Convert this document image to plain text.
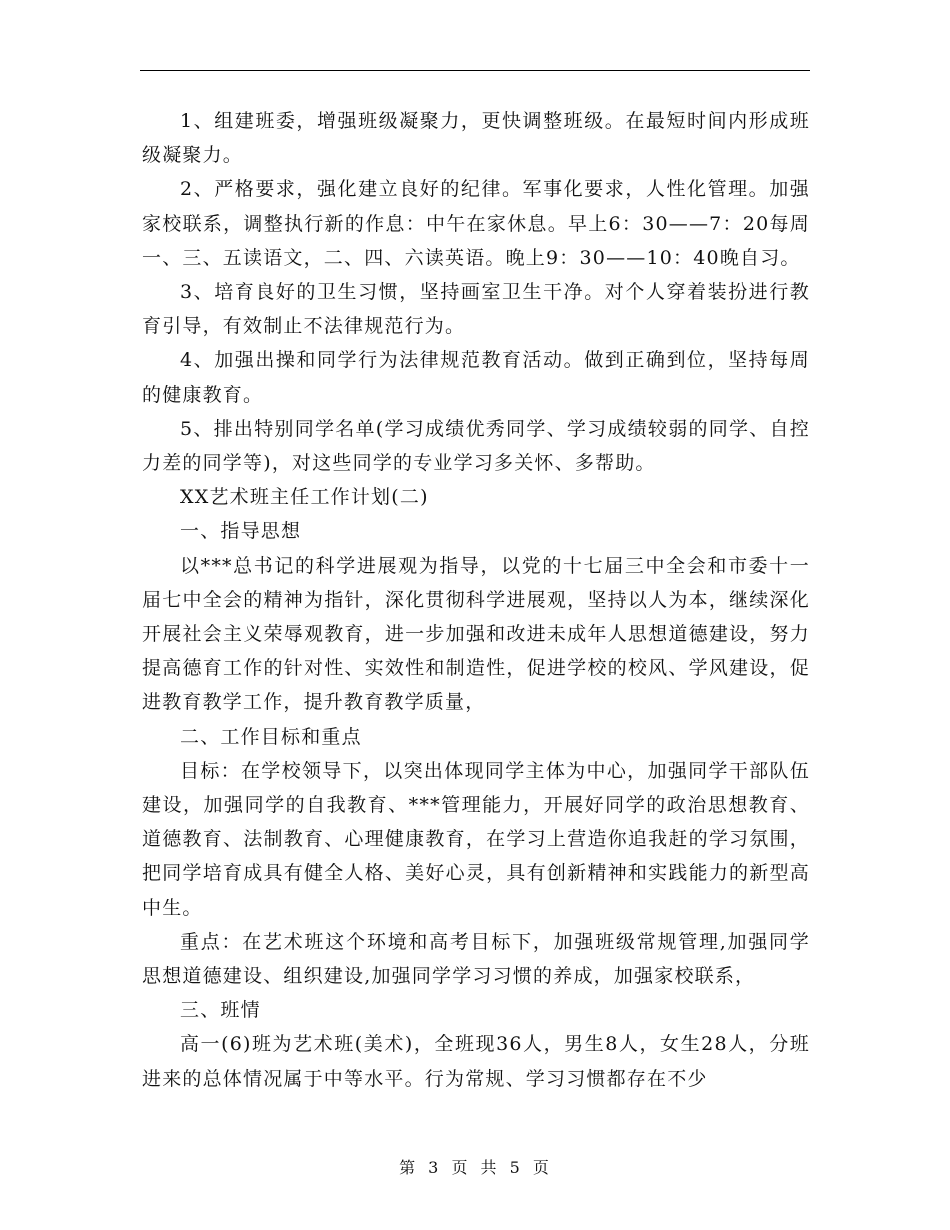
1、组建班委，增强班级凝聚力，更快调整班级。在最短时间内形成班级凝聚力。

2、严格要求，强化建立良好的纪律。军事化要求，人性化管理。加强家校联系，调整执行新的作息：中午在家休息。早上6：30——7：20每周一、三、五读语文，二、四、六读英语。晚上9：30——10：40晚自习。

3、培育良好的卫生习惯，坚持画室卫生干净。对个人穿着装扮进行教育引导，有效制止不法律规范行为。

4、加强出操和同学行为法律规范教育活动。做到正确到位，坚持每周的健康教育。

5、排出特别同学名单(学习成绩优秀同学、学习成绩较弱的同学、自控力差的同学等)，对这些同学的专业学习多关怀、多帮助。

XX艺术班主任工作计划(二)

一、指导思想

以***总书记的科学进展观为指导，以党的十七届三中全会和市委十一届七中全会的精神为指针，深化贯彻科学进展观，坚持以人为本，继续深化开展社会主义荣辱观教育，进一步加强和改进未成年人思想道德建设，努力提高德育工作的针对性、实效性和制造性，促进学校的校风、学风建设，促进教育教学工作，提升教育教学质量，

二、工作目标和重点

目标：在学校领导下，以突出体现同学主体为中心，加强同学干部队伍建设，加强同学的自我教育、***管理能力，开展好同学的政治思想教育、道德教育、法制教育、心理健康教育，在学习上营造你追我赶的学习氛围，把同学培育成具有健全人格、美好心灵，具有创新精神和实践能力的新型高中生。

重点：在艺术班这个环境和高考目标下，加强班级常规管理,加强同学思想道德建设、组织建设,加强同学学习习惯的养成，加强家校联系，

三、班情

高一(6)班为艺术班(美术)，全班现36人，男生8人，女生28人，分班进来的总体情况属于中等水平。行为常规、学习习惯都存在不少

第 3 页 共 5 页
